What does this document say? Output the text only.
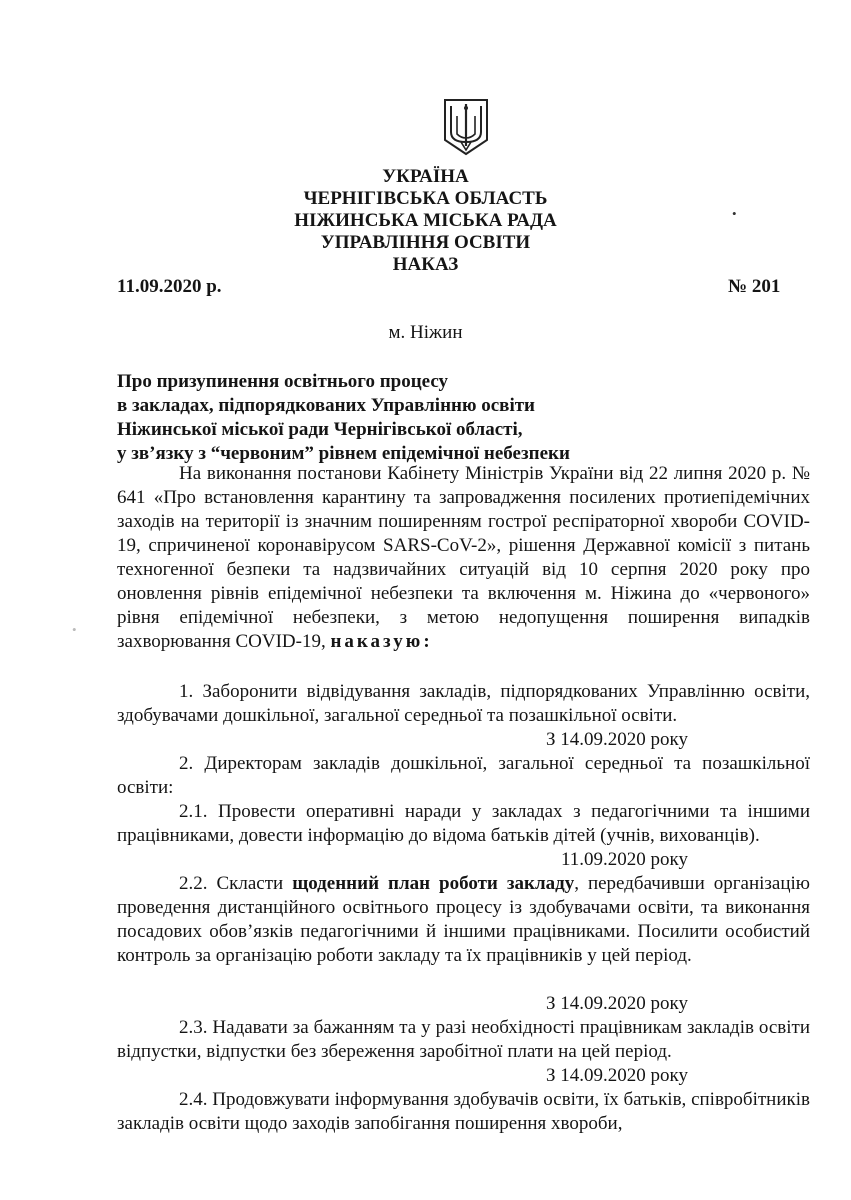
УКРАЇНА
ЧЕРНІГІВСЬКА ОБЛАСТЬ
НІЖИНСЬКА МІСЬКА РАДА
УПРАВЛІННЯ ОСВІТИ
НАКАЗ
11.09.2020 р.	№ 201
м. Ніжин
Про призупинення освітнього процесу
в закладах, підпорядкованих Управлінню освіти
Ніжинської міської ради Чернігівської області,
у зв’язку з “червоним” рівнем епідемічної небезпеки

На виконання постанови Кабінету Міністрів України від 22 липня 2020 р. № 641 «Про встановлення карантину та запровадження посилених протиепідемічних заходів на території із значним поширенням гострої респіраторної хвороби COVID-19, спричиненої коронавірусом SARS-CoV-2», рішення Державної комісії з питань техногенної безпеки та надзвичайних ситуацій від 10 серпня 2020 року про оновлення рівнів епідемічної небезпеки та включення м. Ніжина до «червоного» рівня епідемічної небезпеки, з метою недопущення поширення випадків захворювання COVID-19, наказую:

1. Заборонити відвідування закладів, підпорядкованих Управлінню освіти, здобувачами дошкільної, загальної середньої та позашкільної освіти.

З 14.09.2020 року

2. Директорам закладів дошкільної, загальної середньої та позашкільної освіти:

2.1. Провести оперативні наради у закладах з педагогічними та іншими працівниками, довести інформацію до відома батьків дітей (учнів, вихованців).

11.09.2020 року

2.2. Скласти щоденний план роботи закладу, передбачивши організацію проведення дистанційного освітнього процесу із здобувачами освіти, та виконання посадових обов’язків педагогічними й іншими працівниками. Посилити особистий контроль за організацію роботи закладу та їх працівників у цей період.

З 14.09.2020 року

2.3. Надавати за бажанням та у разі необхідності працівникам закладів освіти відпустки, відпустки без збереження заробітної плати на цей період.

З 14.09.2020 року

2.4. Продовжувати інформування здобувачів освіти, їх батьків, співробітників закладів освіти щодо заходів запобігання поширення хвороби,

•
•
